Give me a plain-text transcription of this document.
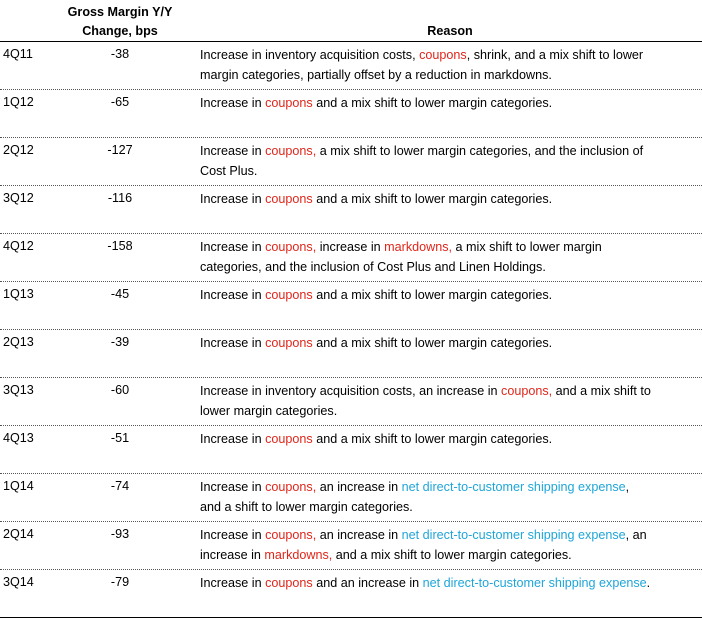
Gross Margin Y/Y
Change, bps	Reason
4Q11	-38	Increase in inventory acquisition costs, coupons, shrink, and a mix shift to lower
margin categories, partially offset by a reduction in markdowns.
1Q12	-65	Increase in coupons and a mix shift to lower margin categories.
2Q12	-127	Increase in coupons, a mix shift to lower margin categories, and the inclusion of
Cost Plus.
3Q12	-116	Increase in coupons and a mix shift to lower margin categories.
4Q12	-158	Increase in coupons, increase in markdowns, a mix shift to lower margin
categories, and the inclusion of Cost Plus and Linen Holdings.
1Q13	-45	Increase in coupons and a mix shift to lower margin categories.
2Q13	-39	Increase in coupons and a mix shift to lower margin categories.
3Q13	-60	Increase in inventory acquisition costs, an increase in coupons, and a mix shift to
lower margin categories.
4Q13	-51	Increase in coupons and a mix shift to lower margin categories.
1Q14	-74	Increase in coupons, an increase in net direct-to-customer shipping expense,
and a shift to lower margin categories.
2Q14	-93	Increase in coupons, an increase in net direct-to-customer shipping expense, an
increase in markdowns, and a mix shift to lower margin categories.
3Q14	-79	Increase in coupons and an increase in net direct-to-customer shipping expense.
